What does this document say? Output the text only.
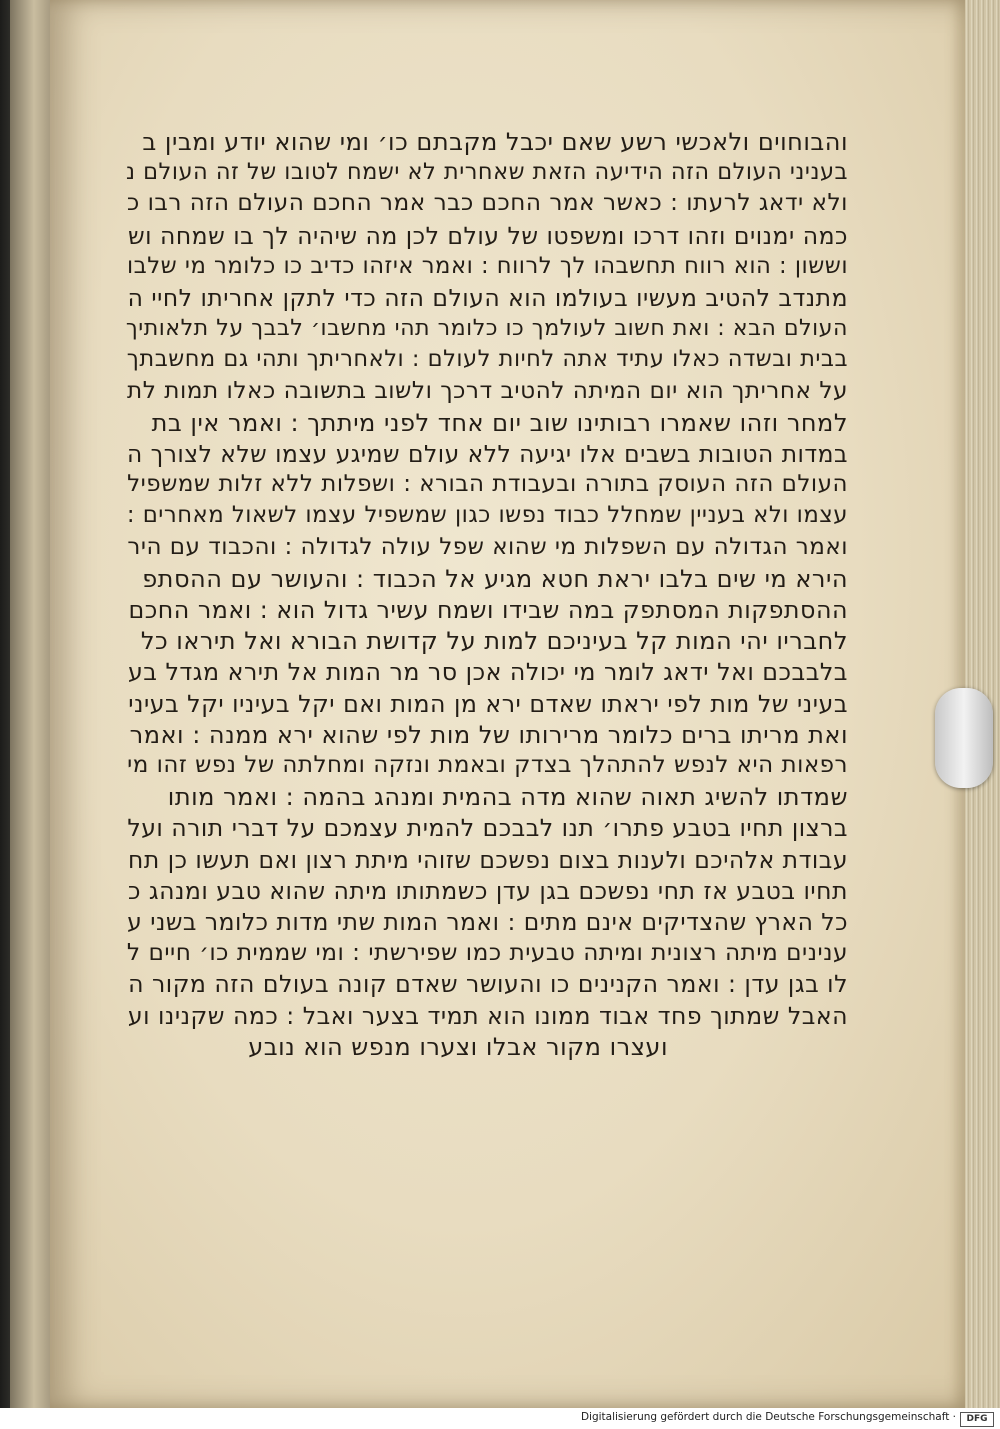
והבוחוים ולאכשי רשע שאם יכבל מקבתם כו׳ ומי שהוא יודע ומבין ב
בעניני העולם הזה הידיעה הזאת שאחרית לא ישמח לטובו של זה העולם נ
ולא ידאג לרעתו : כאשר אמר החכם כבר אמר החכם העולם הזה רבו כ
כמה ימנוים וזהו דרכו ומשפטו של עולם לכן מה שיהיה לך בו שמחה וש
וששון : הוא רווח תחשבהו לך לרווח : ואמר איזהו כדיב כו כלומר מי שלבו
מתנדב להטיב מעשיו בעולמו הוא העולם הזה כדי לתקן אחריתו לחיי ה
העולם הבא : ואת חשוב לעולמך כו כלומר תהי מחשבו׳ לבבך על תלאותיך
בבית ובשדה כאלו עתיד אתה לחיות לעולם : ולאחריתך ותהי גם מחשבתך
על אחריתך הוא יום המיתה להטיב דרכך ולשוב בתשובה כאלו תמות לת
למחר וזהו שאמרו רבותינו שוב יום אחד לפני מיתתך : ואמר אין בת
במדות הטובות בשבים אלו יגיעה ללא עולם שמיגע עצמו שלא לצורך ה
העולם הזה העוסק בתורה ובעבודת הבורא : ושפלות ללא זלות שמשפיל
עצמו ולא בעניין שמחלל כבוד נפשו כגון שמשפיל עצמו לשאול מאחרים :
ואמר הגדולה עם השפלות מי שהוא שפל עולה לגדולה : והכבוד עם היר
הירא מי שים בלבו יראת חטא מגיע אל הכבוד : והעושר עם ההסתפ
ההסתפקות המסתפק במה שבידו ושמח עשיר גדול הוא : ואמר החכם
לחבריו יהי המות קל בעיניכם למות על קדושת הבורא ואל תיראו כל
בלבבכם ואל ידאג לומר מי יכולה אכן סר מר המות אל תירא מגדל בע
בעיני של מות לפי יראתו שאדם ירא מן המות ואם יקל בעיניו יקל בעיני
ואת מריתו ברים כלומר מרירותו של מות לפי שהוא ירא ממנה : ואמר
רפאות היא לנפש להתהלך בצדק ובאמת ונזקה ומחלתה של נפש זהו מי
שמדתו להשיג תאוה שהוא מדה בהמית ומנהג בהמה : ואמר מותו
ברצון תחיו בטבע פתרו׳ תנו לבבכם להמית עצמכם על דברי תורה ועל
עבודת אלהיכם ולענות בצום נפשכם שזוהי מיתת רצון ואם תעשו כן תח
תחיו בטבע אז תחי נפשכם בגן עדן כשמתותו מיתה שהוא טבע ומנהג כ
כל הארץ שהצדיקים אינם מתים : ואמר המות שתי מדות כלומר בשני ע
ענינים מיתה רצונית ומיתה טבעית כמו שפירשתי : ומי שממית כו׳ חיים ל
לו בגן עדן : ואמר הקנינים כו והעושר שאדם קונה בעולם הזה מקור ה
האבל שמתוך פחד אבוד ממונו הוא תמיד בצער ואבל : כמה שקנינו וע
ועצרו מקור אבלו וצערו מנפש הוא נובע
Digitalisierung gefördert durch die Deutsche Forschungsgemeinschaft ·	DFG
